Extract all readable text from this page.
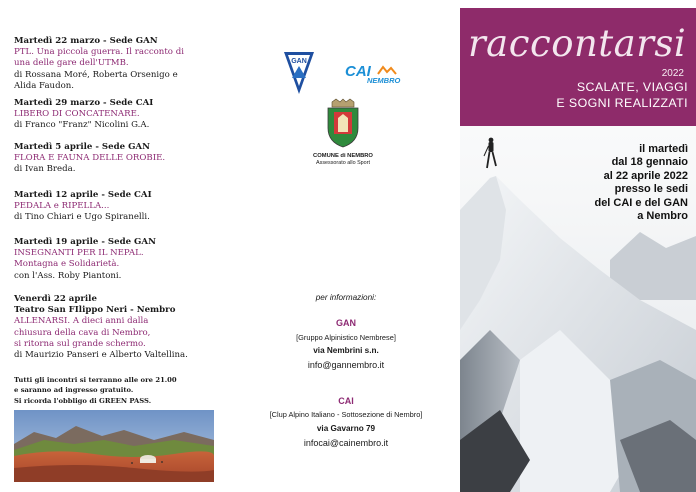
Martedì 22 marzo - Sede GAN
PTL. Una piccola guerra. Il racconto di
una delle gare dell'UTMB.
di Rossana Moré, Roberta Orsenigo e
Alida Faudon.
Martedì 29 marzo - Sede CAI
LIBERO DI CONCATENARE.
di Franco "Franz" Nicolini G.A.
Martedì 5 aprile - Sede GAN
FLORA E FAUNA DELLE OROBIE.
di Ivan Breda.
Martedì 12 aprile - Sede CAI
PEDALA e RIPELLA...
di Tino Chiari e Ugo Spiranelli.
Martedì 19 aprile - Sede GAN
INSEGNANTI PER IL NEPAL.
Montagna e Solidarietà.
con l'Ass. Roby Piantoni.
Venerdì 22 aprile
Teatro San FIlippo Neri - Nembro
ALLENARSI. A dieci anni dalla
chiusura della cava di Nembro,
si ritorna sul grande schermo.
di Maurizio Panseri e Alberto Valtellina.
Tutti gli incontri si terranno alle ore 21.00
e saranno ad ingresso gratuito.
Si ricorda l'obbligo di GREEN PASS.
GAN
CAI
NEMBRO
COMUNE di NEMBRO
Assessorato allo Sport
per informazioni:
GAN
[Gruppo Alpinistico Nembrese]
via Nembrini s.n.
info@gannembro.it
CAI
[Clup Alpino Italiano - Sottosezione di Nembro]
via Gavarno 79
infocai@cainembro.it
raccontarsi
2022
SCALATE, VIAGGI
E SOGNI REALIZZATI
il martedì
dal 18 gennaio
al 22 aprile 2022
presso le sedi
del CAI e del GAN
a Nembro
